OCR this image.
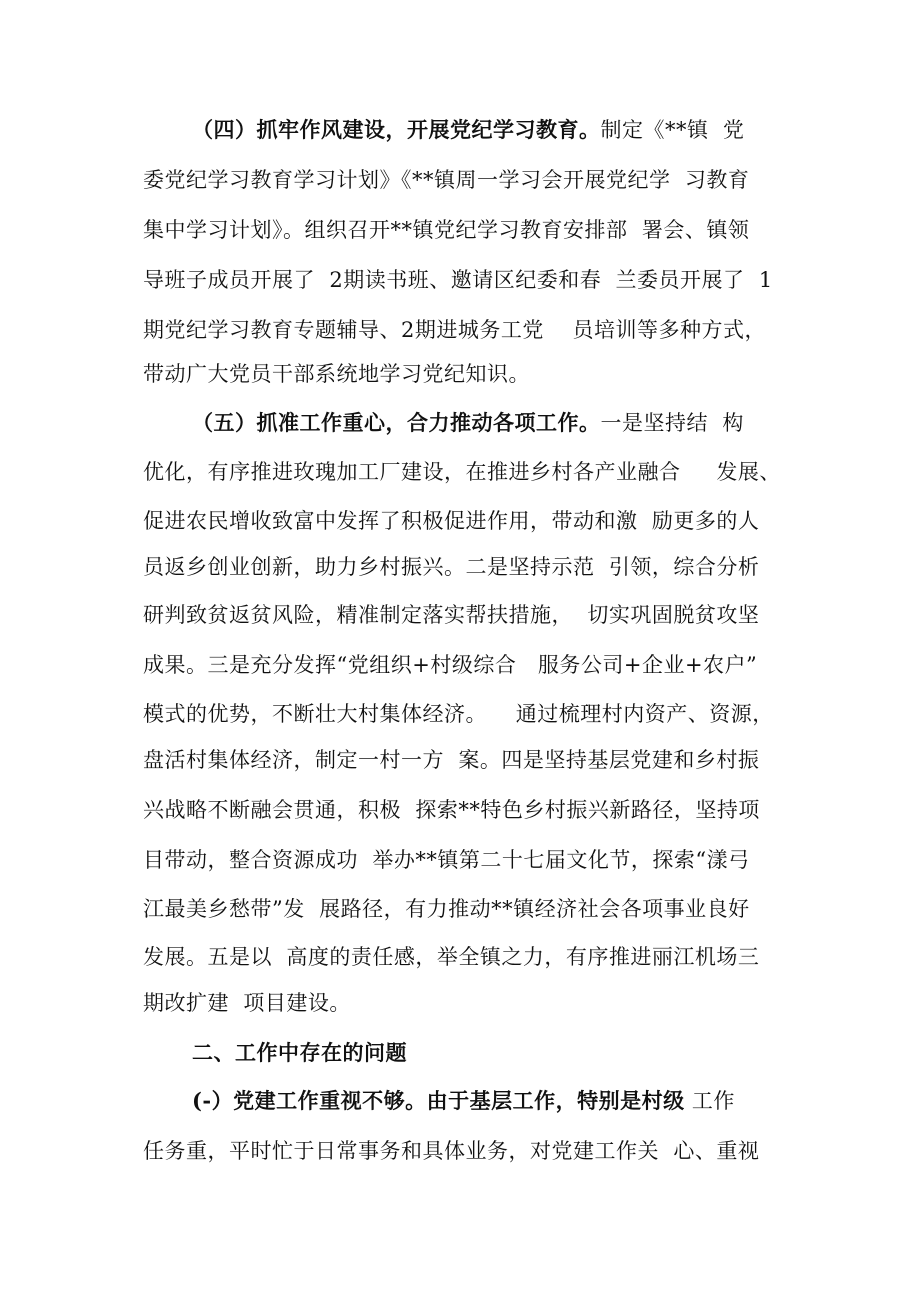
（四）抓牢作风建设，开展党纪学习教育。制定《**镇  党
委党纪学习教育学习计划》《**镇周一学习会开展党纪学  习教育
集中学习计划》。组织召开**镇党纪学习教育安排部  署会、镇领
导班子成员开展了  2期读书班、邀请区纪委和春  兰委员开展了  1
期党纪学习教育专题辅导、2期进城务工党    员培训等多种方式，
带动广大党员干部系统地学习党纪知识。
（五）抓准工作重心，合力推动各项工作。一是坚持结  构
优化，有序推进玫瑰加工厂建设，在推进乡村各产业融合     发展、
促进农民增收致富中发挥了积极促进作用，带动和激  励更多的人
员返乡创业创新，助力乡村振兴。二是坚持示范  引领，综合分析
研判致贫返贫风险，精准制定落实帮扶措施，  切实巩固脱贫攻坚
成果。三是充分发挥“党组织+村级综合   服务公司+企业+农户”
模式的优势，不断壮大村集体经济。    通过梳理村内资产、资源，
盘活村集体经济，制定一村一方  案。四是坚持基层党建和乡村振
兴战略不断融会贯通，积极  探索**特色乡村振兴新路径，坚持项
目带动，整合资源成功  举办**镇第二十七届文化节，探索“漾弓
江最美乡愁带”发  展路径，有力推动**镇经济社会各项事业良好
发展。五是以  高度的责任感，举全镇之力，有序推进丽江机场三
期改扩建  项目建设。
二、工作中存在的问题
(-）党建工作重视不够。由于基层工作，特别是村级 工作
任务重，平时忙于日常事务和具体业务，对党建工作关  心、重视
